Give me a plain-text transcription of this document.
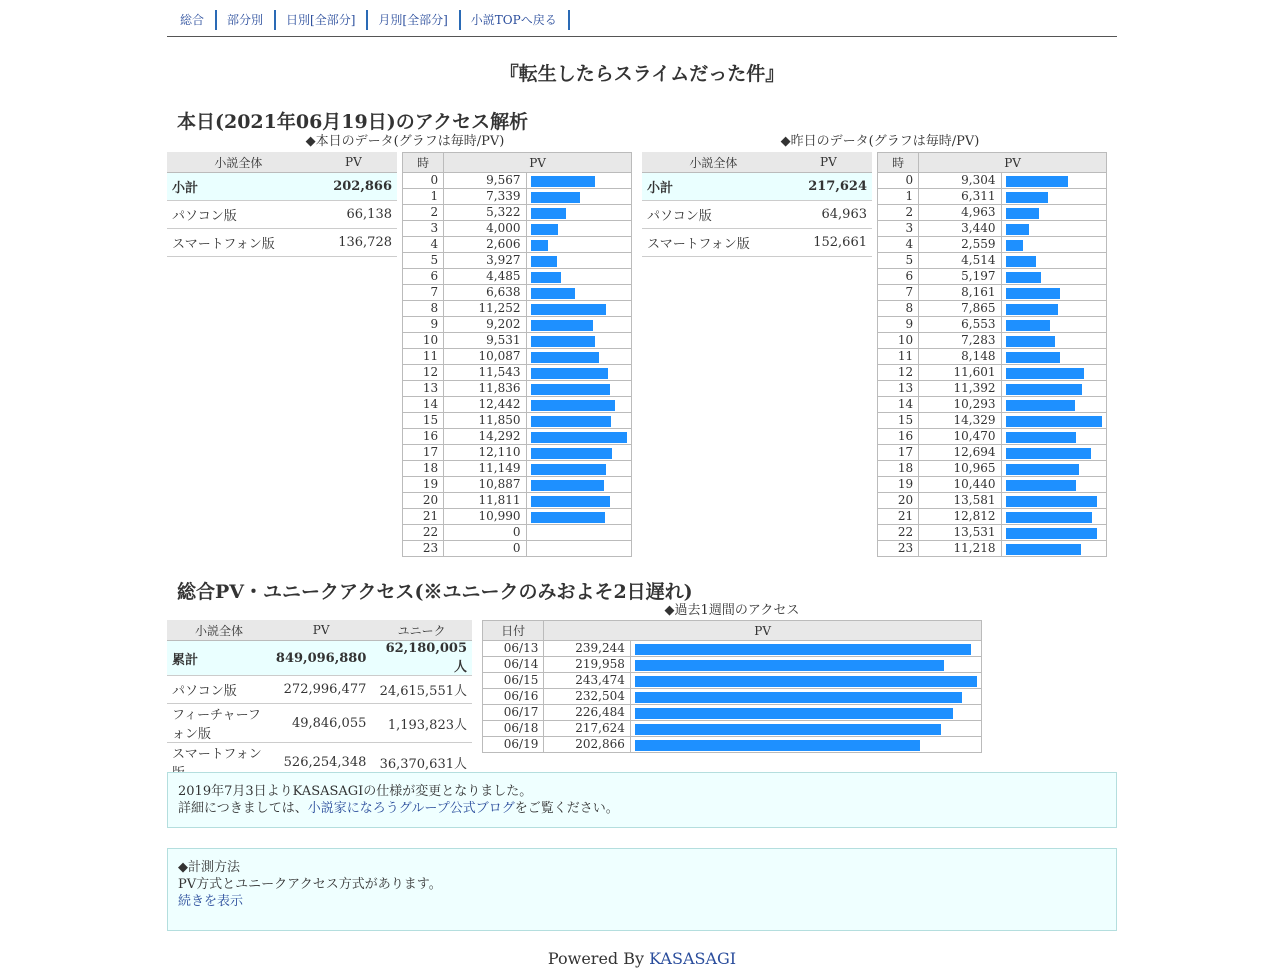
総合	部分別	日別[全部分]	月別[全部分]	小説TOPへ戻る
『転生したらスライムだった件』
本日(2021年06月19日)のアクセス解析
◆本日のデータ(グラフは毎時/PV)	◆昨日のデータ(グラフは毎時/PV)
小説全体	PV
小計	202,866
パソコン版	66,138
スマートフォン版	136,728
時	PV	
0	9,567	

1	7,339	

2	5,322	

3	4,000	

4	2,606	

5	3,927	

6	4,485	

7	6,638	

8	11,252	

9	9,202	

10	9,531	

11	10,087	

12	11,543	

13	11,836	

14	12,442	

15	11,850	

16	14,292	

17	12,110	

18	11,149	

19	10,887	

20	11,811	

21	10,990	

22	0	
23	0	
小説全体	PV
小計	217,624
パソコン版	64,963
スマートフォン版	152,661
時	PV	
0	9,304	

1	6,311	

2	4,963	

3	3,440	

4	2,559	

5	4,514	

6	5,197	

7	8,161	

8	7,865	

9	6,553	

10	7,283	

11	8,148	

12	11,601	

13	11,392	

14	10,293	

15	14,329	

16	10,470	

17	12,694	

18	10,965	

19	10,440	

20	13,581	

21	12,812	

22	13,531	

23	11,218	
総合PV・ユニークアクセス(※ユニークのみおよそ2日遅れ)
◆過去1週間のアクセス
小説全体	PV	ユニーク
累計	849,096,880	62,180,005人
パソコン版	272,996,477	24,615,551人
フィーチャーフォン版	49,846,055	1,193,823人
スマートフォン	526,254,348	36,370,631人
日付	PV	
06/13	239,244	

06/14	219,958	

06/15	243,474	

06/16	232,504	

06/17	226,484	

06/18	217,624	

06/19	202,866	

2019年7月3日よりKASASAGIの仕様が変更となりました。

詳細につきましては、小説家になろうグループ公式ブログをご覧ください。

◆計測方法

PV方式とユニークアクセス方式があります。

続きを表示

Powered By KASASAGI
